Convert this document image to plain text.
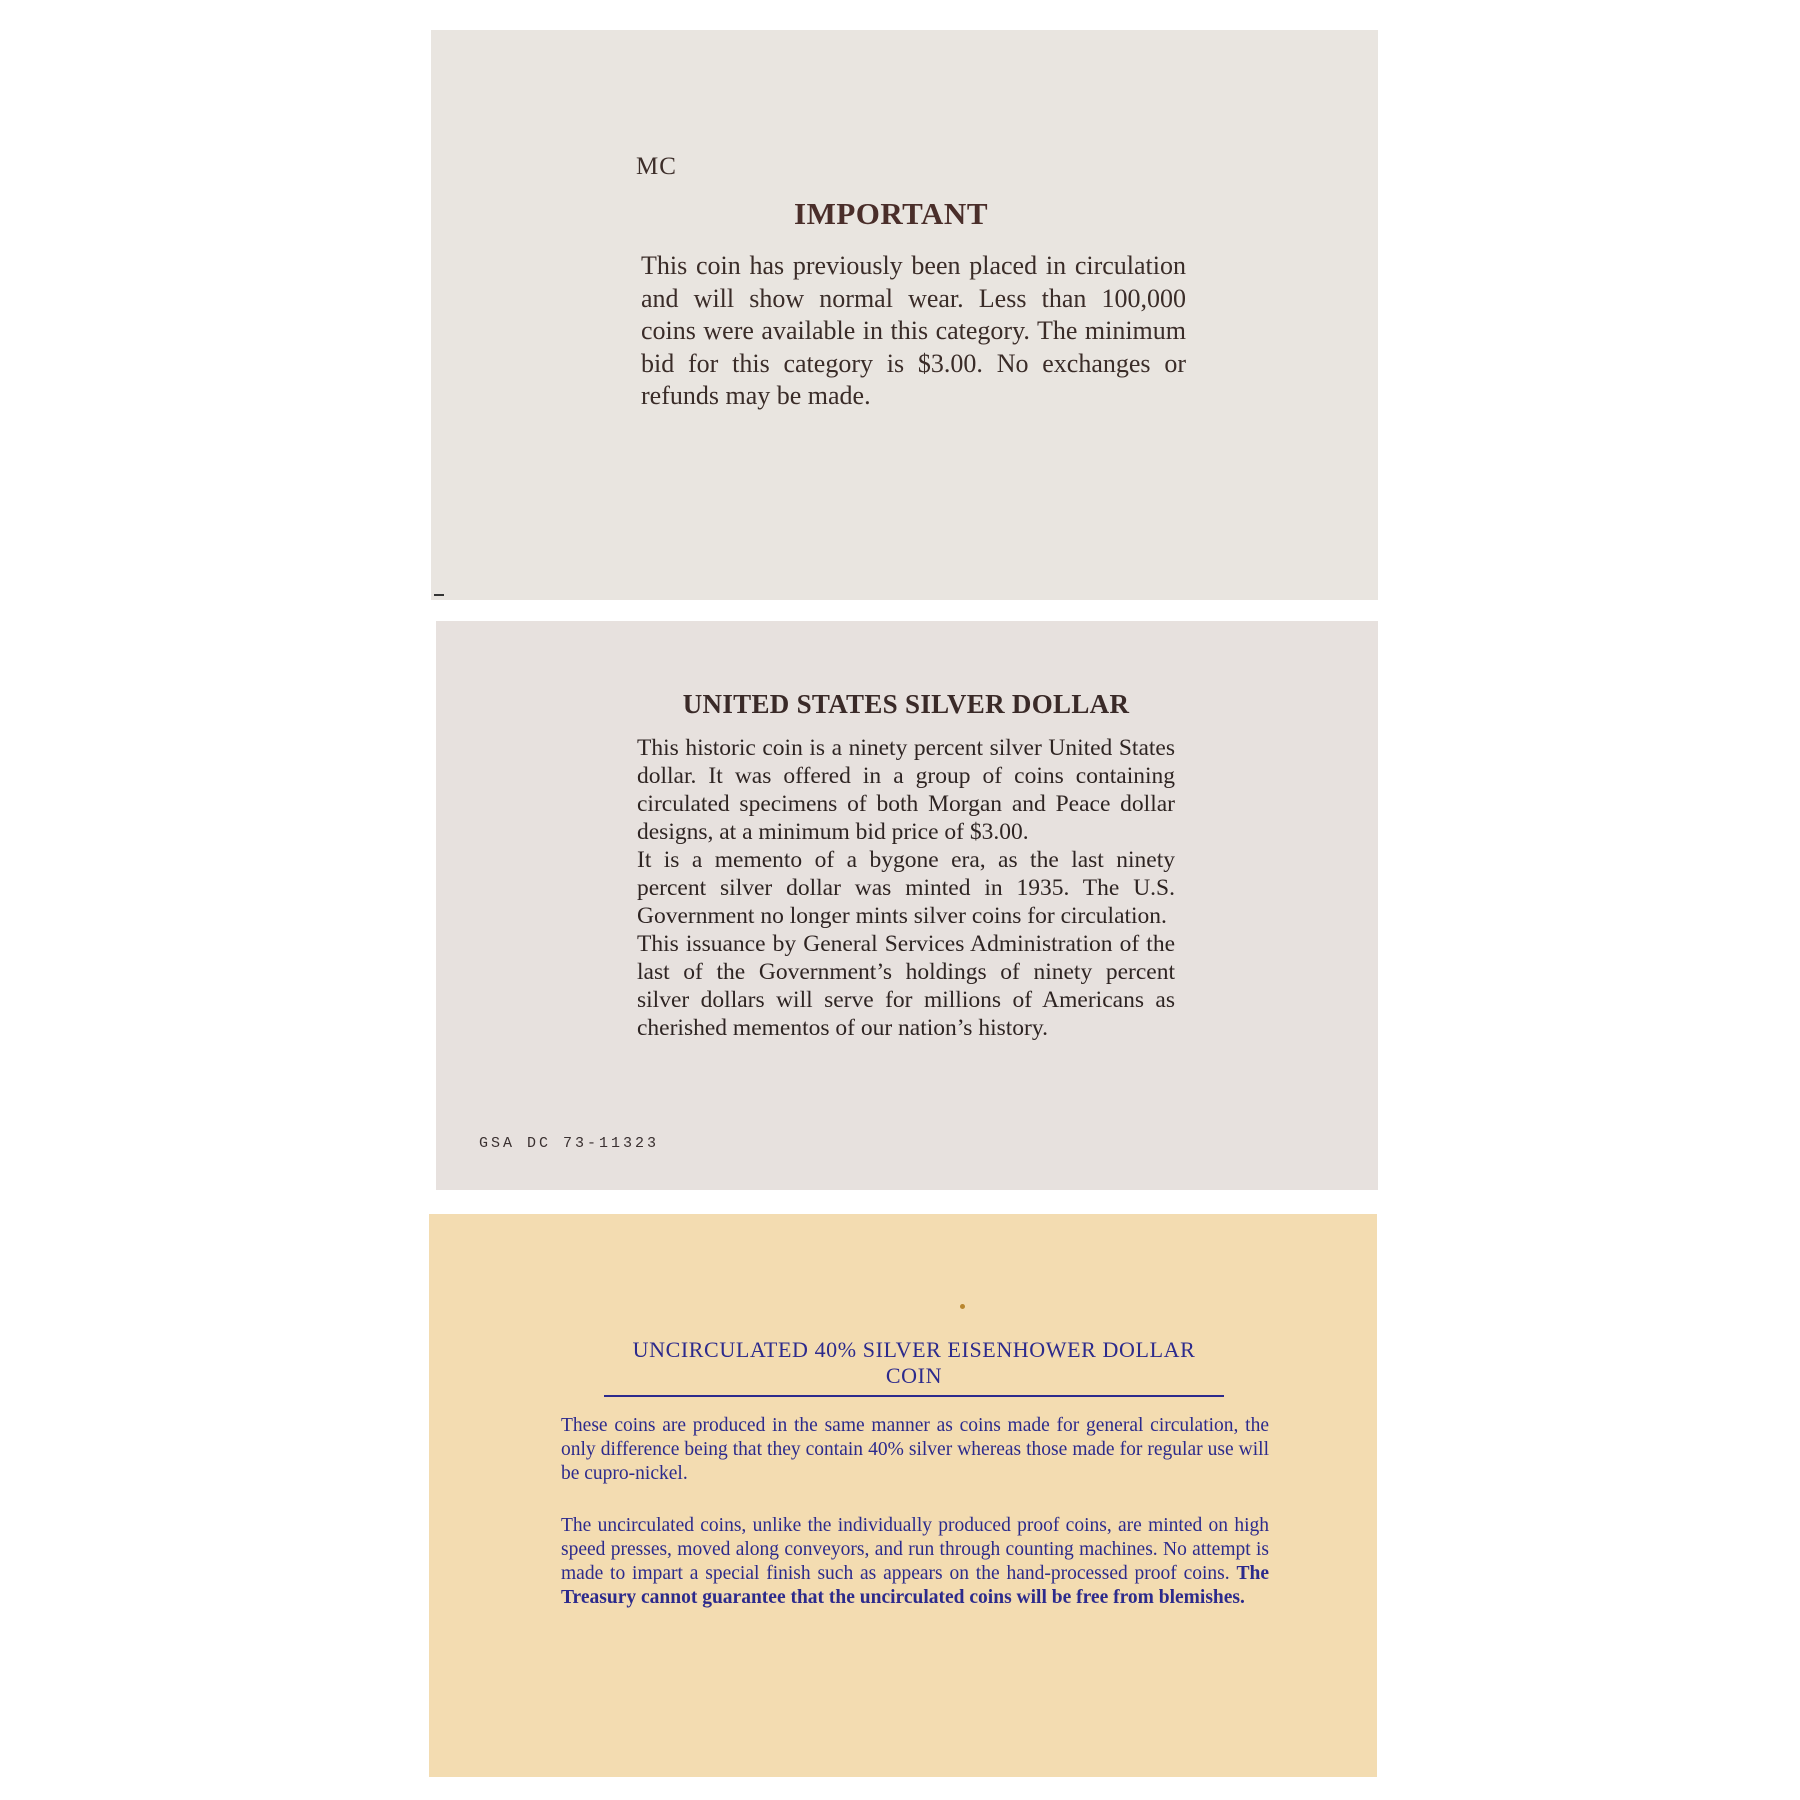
MC
IMPORTANT

This coin has previously been placed in circulation and will show normal wear. Less than 100,000 coins were available in this category. The minimum bid for this category is $3.00. No exchanges or refunds may be made.

UNITED STATES SILVER DOLLAR

This historic coin is a ninety percent silver United States dollar. It was offered in a group of coins containing circulated specimens of both Morgan and Peace dollar designs, at a minimum bid price of $3.00.

It is a memento of a bygone era, as the last ninety percent silver dollar was minted in 1935. The U.S. Government no longer mints silver coins for circulation.

This issuance by General Services Administration of the last of the Government’s holdings of ninety percent silver dollars will serve for millions of Americans as cherished mementos of our nation’s history.

GSA DC 73-11323
UNCIRCULATED 40% SILVER EISENHOWER DOLLAR COIN

These coins are produced in the same manner as coins made for general circulation, the only difference being that they contain 40% silver whereas those made for regular use will be cupro-nickel.

The uncirculated coins, unlike the individually produced proof coins, are minted on high speed presses, moved along conveyors, and run through counting machines. No attempt is made to impart a special finish such as appears on the hand-processed proof coins. The Treasury cannot guarantee that the uncirculated coins will be free from blemishes.
